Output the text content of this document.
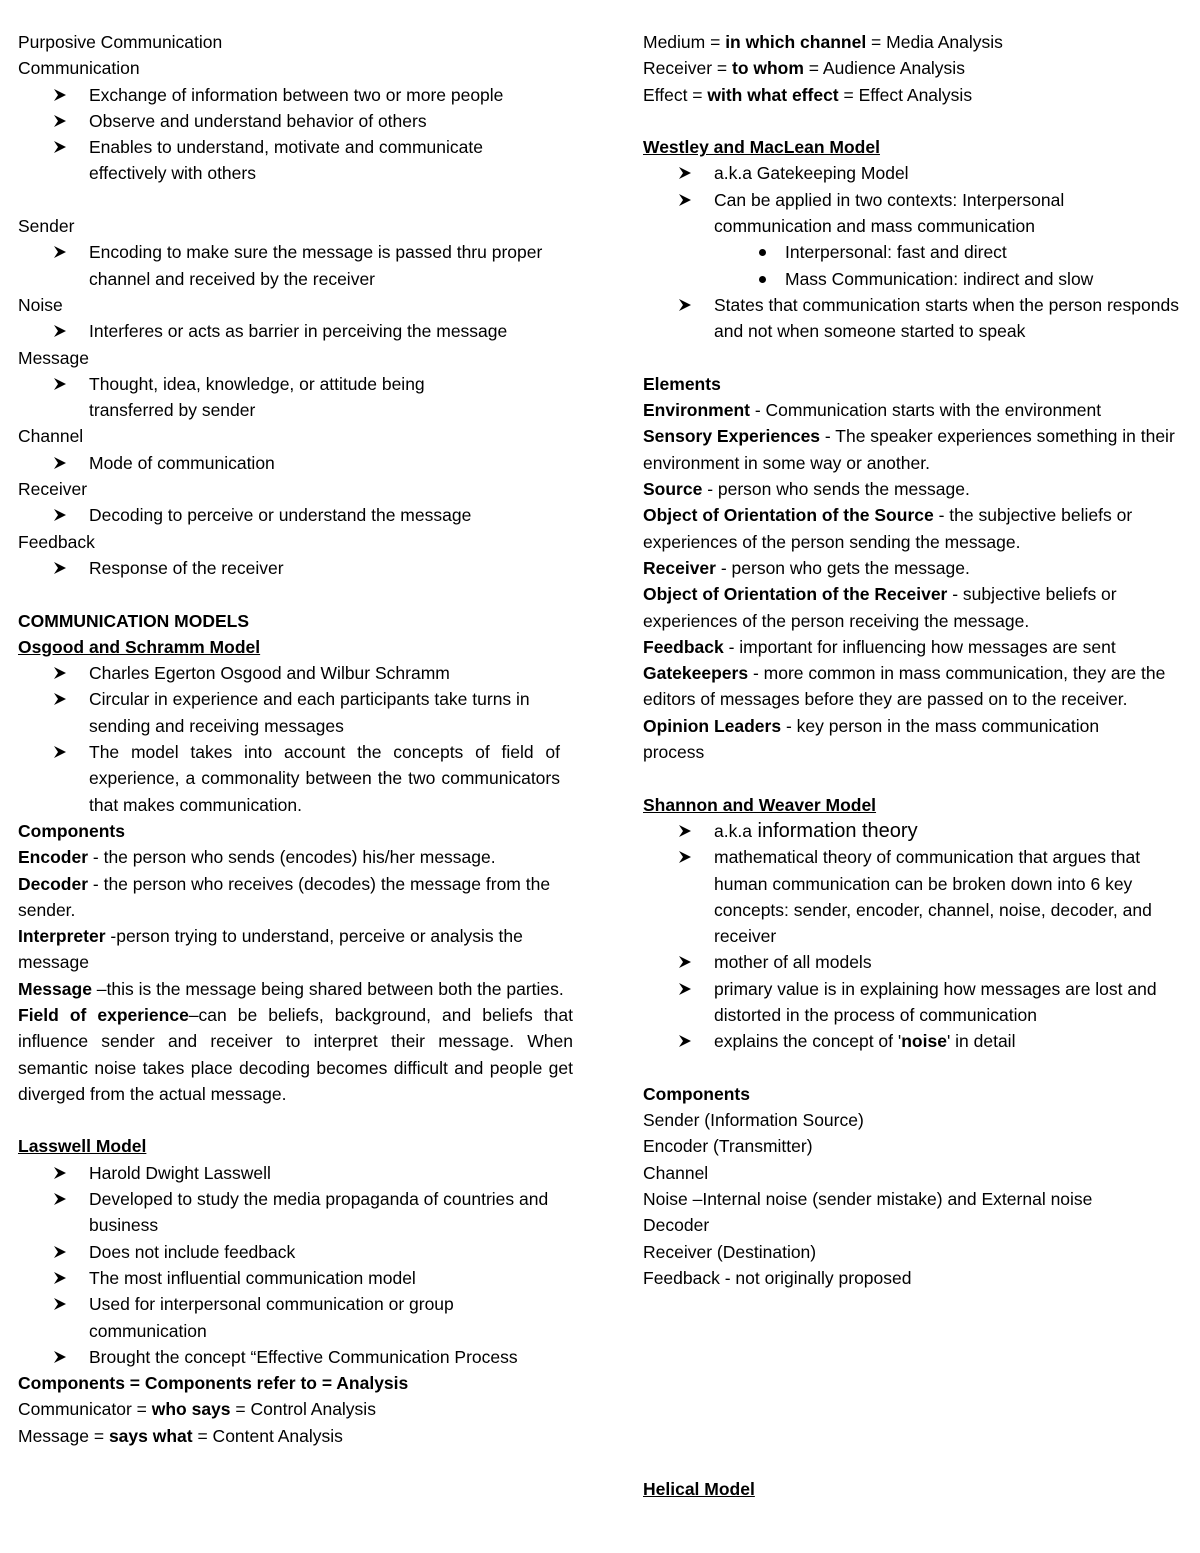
Purposive Communication
Communication
Exchange of information between two or more people
Observe and understand behavior of others
Enables to understand, motivate and communicate effectively with others
Sender
Encoding to make sure the message is passed thru proper channel and received by the receiver
Noise
Interferes or acts as barrier in perceiving the message
Message
Thought, idea, knowledge, or attitude being transferred by sender
Channel
Mode of communication
Receiver
Decoding to perceive or understand the message
Feedback
Response of the receiver
COMMUNICATION MODELS
Osgood and Schramm Model
Charles Egerton Osgood and Wilbur Schramm
Circular in experience and each participants take turns in sending and receiving messages
The model takes into account the concepts of field of experience, a commonality between the two communicators that makes communication.
Components
Encoder - the person who sends (encodes) his/her message.
Decoder - the person who receives (decodes) the message from the sender.
Interpreter -person trying to understand, perceive or analysis the message
Message –this is the message being shared between both the parties.
Field of experience–can be beliefs, background, and beliefs that influence sender and receiver to interpret their message. When semantic noise takes place decoding becomes difficult and people get diverged from the actual message.
Lasswell Model
Harold Dwight Lasswell
Developed to study the media propaganda of countries and business
Does not include feedback
The most influential communication model
Used for interpersonal communication or group communication
Brought the concept “Effective Communication Process
Components = Components refer to = Analysis
Communicator = who says = Control Analysis
Message = says what = Content Analysis
Medium = in which channel = Media Analysis
Receiver = to whom = Audience Analysis
Effect = with what effect = Effect Analysis
Westley and MacLean Model
a.k.a Gatekeeping Model
Can be applied in two contexts: Interpersonal communication and mass communication
Interpersonal: fast and direct
Mass Communication: indirect and slow
States that communication starts when the person responds and not when someone started to speak
Elements
Environment - Communication starts with the environment
Sensory Experiences - The speaker experiences something in their environment in some way or another.
Source - person who sends the message.
Object of Orientation of the Source - the subjective beliefs or experiences of the person sending the message.
Receiver - person who gets the message.
Object of Orientation of the Receiver - subjective beliefs or experiences of the person receiving the message.
Feedback - important for influencing how messages are sent
Gatekeepers - more common in mass communication, they are the editors of messages before they are passed on to the receiver.
Opinion Leaders - key person in the mass communication process
Shannon and Weaver Model
a.k.a information theory
mathematical theory of communication that argues that human communication can be broken down into 6 key concepts: sender, encoder, channel, noise, decoder, and receiver
mother of all models
primary value is in explaining how messages are lost and distorted in the process of communication
explains the concept of 'noise' in detail
Components
Sender (Information Source)
Encoder (Transmitter)
Channel
Noise –Internal noise (sender mistake) and External noise
Decoder
Receiver (Destination)
Feedback - not originally proposed
Helical Model
